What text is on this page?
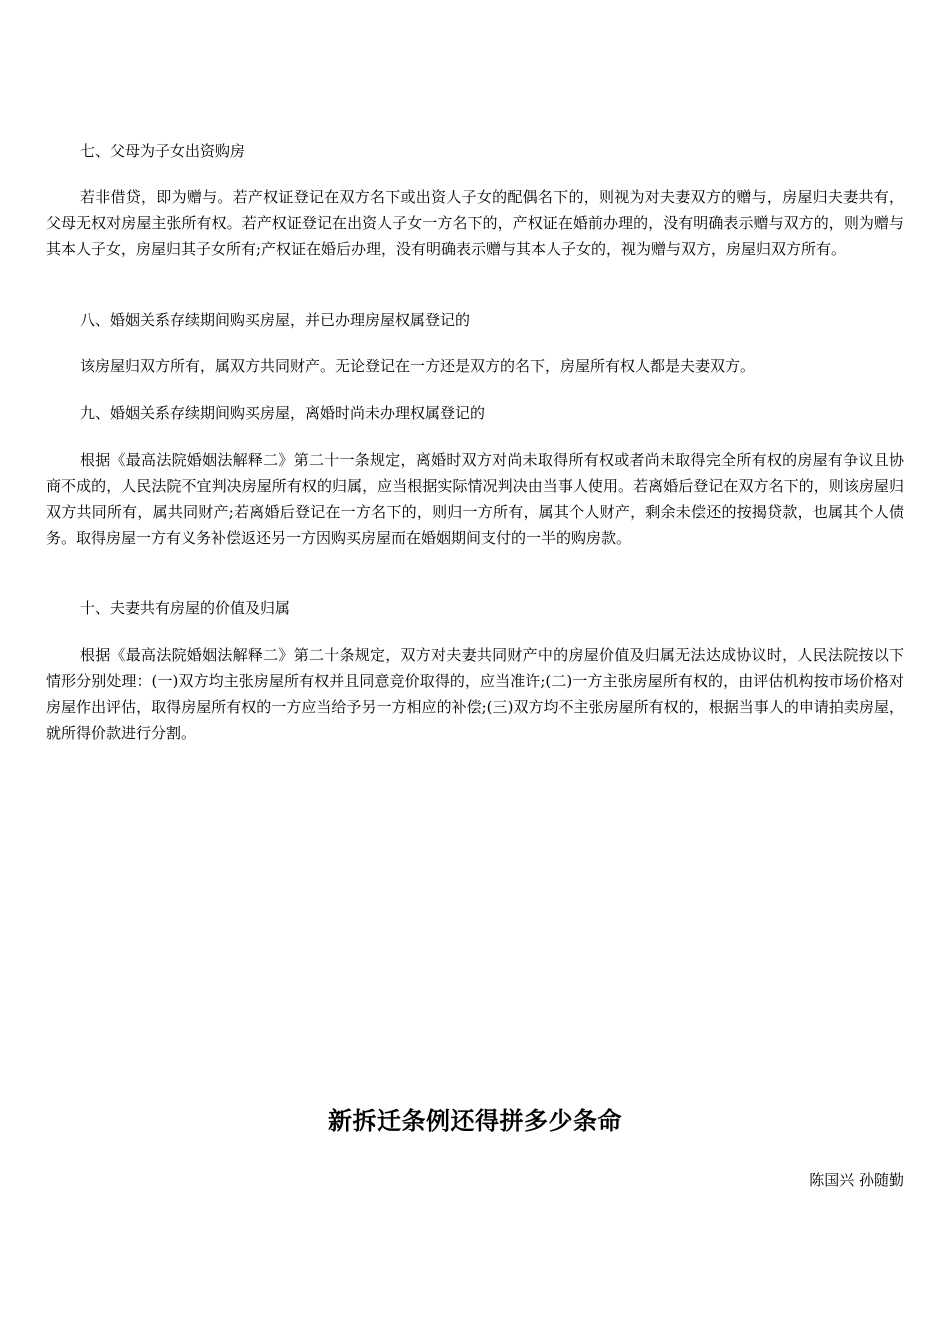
七、父母为子女出资购房

若非借贷，即为赠与。若产权证登记在双方名下或出资人子女的配偶名下的，则视为对夫妻双方的赠与，房屋归夫妻共有，父母无权对房屋主张所有权。若产权证登记在出资人子女一方名下的，产权证在婚前办理的，没有明确表示赠与双方的，则为赠与其本人子女，房屋归其子女所有;产权证在婚后办理，没有明确表示赠与其本人子女的，视为赠与双方，房屋归双方所有。

八、婚姻关系存续期间购买房屋，并已办理房屋权属登记的

该房屋归双方所有，属双方共同财产。无论登记在一方还是双方的名下，房屋所有权人都是夫妻双方。

九、婚姻关系存续期间购买房屋，离婚时尚未办理权属登记的

根据《最高法院婚姻法解释二》第二十一条规定，离婚时双方对尚未取得所有权或者尚未取得完全所有权的房屋有争议且协商不成的，人民法院不宜判决房屋所有权的归属，应当根据实际情况判决由当事人使用。若离婚后登记在双方名下的，则该房屋归双方共同所有，属共同财产;若离婚后登记在一方名下的，则归一方所有，属其个人财产，剩余未偿还的按揭贷款，也属其个人债务。取得房屋一方有义务补偿返还另一方因购买房屋而在婚姻期间支付的一半的购房款。

十、夫妻共有房屋的价值及归属

根据《最高法院婚姻法解释二》第二十条规定，双方对夫妻共同财产中的房屋价值及归属无法达成协议时，人民法院按以下情形分别处理：(一)双方均主张房屋所有权并且同意竞价取得的，应当准许;(二)一方主张房屋所有权的，由评估机构按市场价格对房屋作出评估，取得房屋所有权的一方应当给予另一方相应的补偿;(三)双方均不主张房屋所有权的，根据当事人的申请拍卖房屋，就所得价款进行分割。

新拆迁条例还得拼多少条命

陈国兴 孙随勤
